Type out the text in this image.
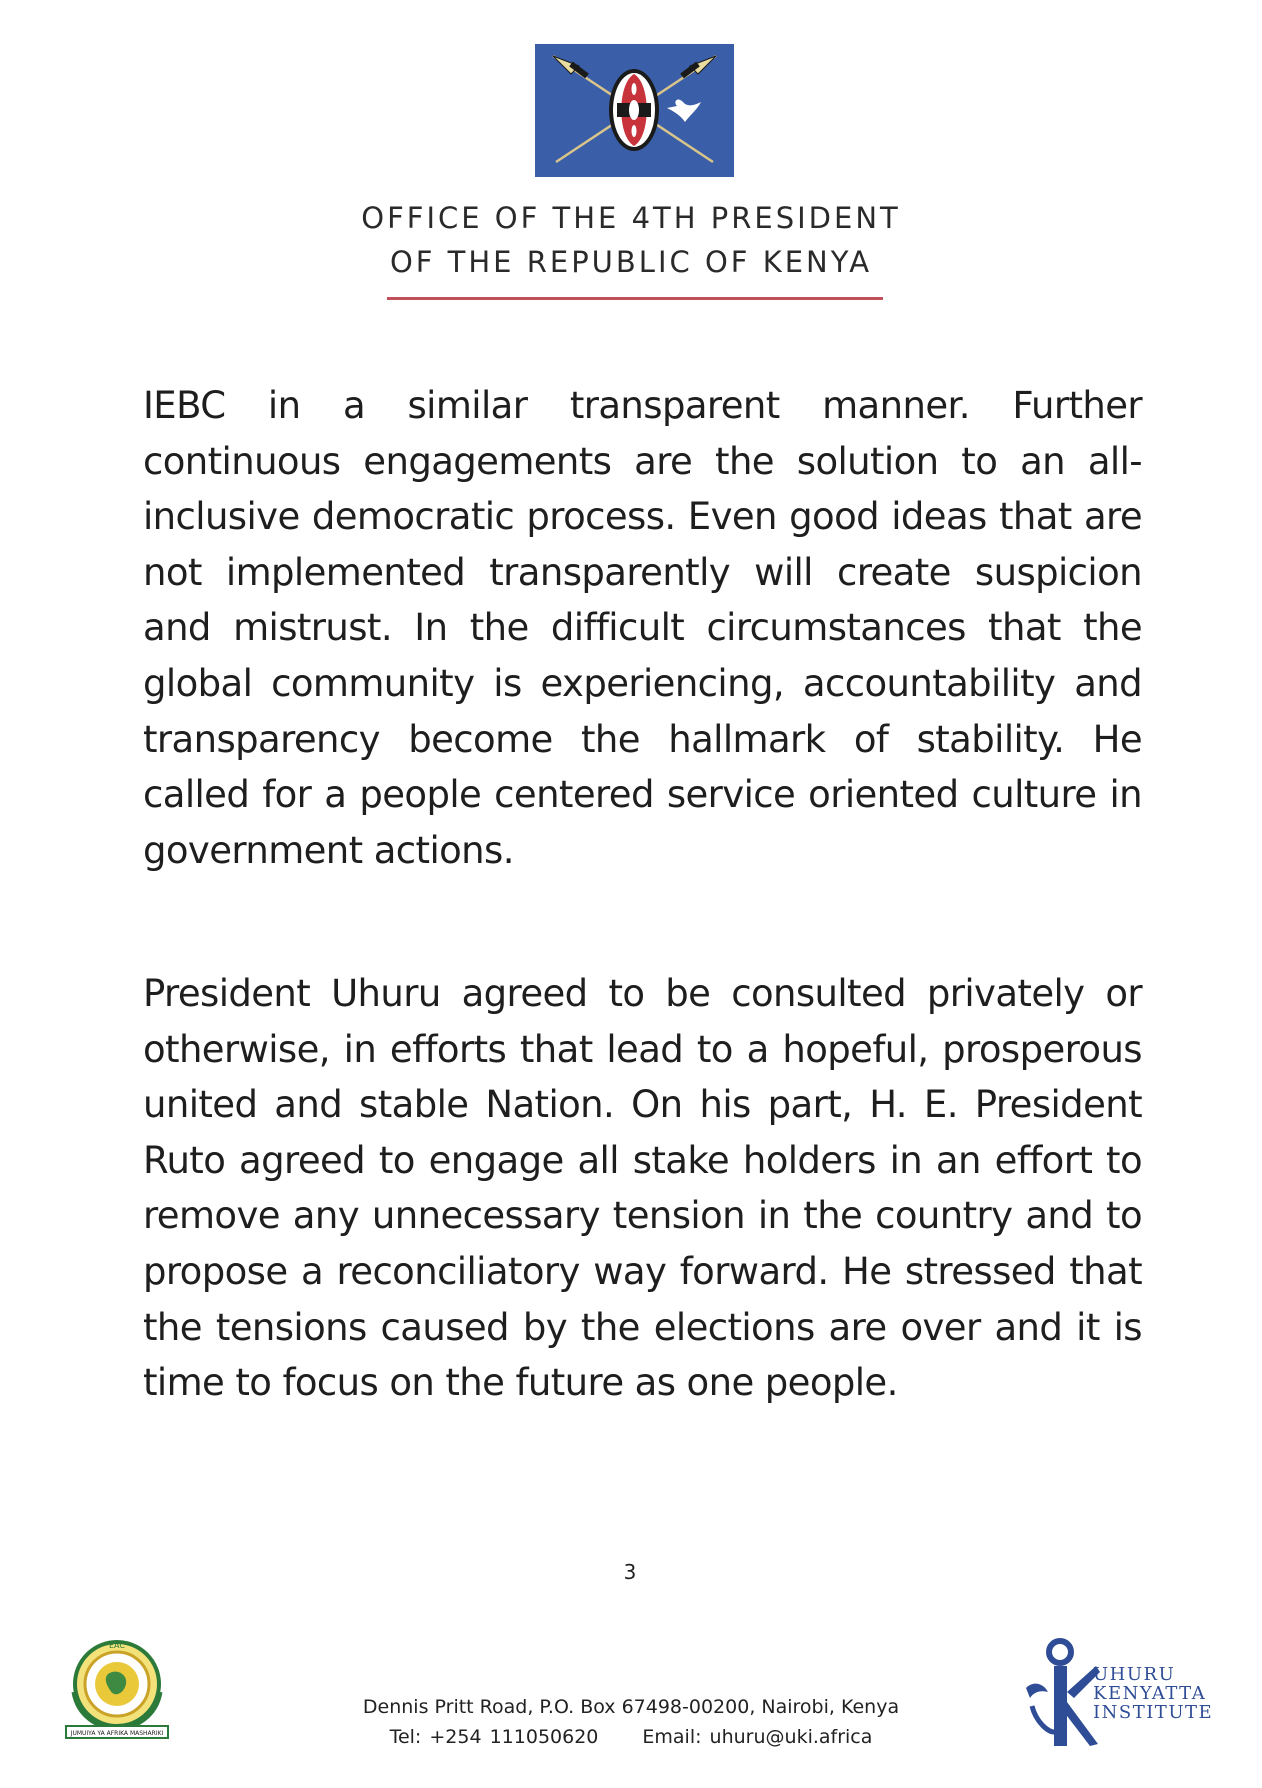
OFFICE OF THE 4TH PRESIDENT
OF THE REPUBLIC OF KENYA

IEBC in a similar transparent manner. Further continuous engagements are the solution to an all-inclusive democratic process. Even good ideas that are not implemented transparently will create suspicion and mistrust. In the difficult circumstances that the global community is experiencing, accountability and transparency become the hallmark of stability. He called for a people centered service oriented culture in government actions.

President Uhuru agreed to be consulted privately or otherwise, in efforts that lead to a hopeful, prosperous united and stable Nation. On his part, H. E. President Ruto agreed to engage all stake holders in an effort to remove any unnecessary tension in the country and to propose a reconciliatory way forward. He stressed that the tensions caused by the elections are over and it is time to focus on the future as one people.

3
JUMUIYA YA AFRIKA MASHARIKI
EAC
Dennis Pritt Road, P.O. Box 67498-00200, Nairobi, Kenya
Tel: +254 111050620 Email: uhuru@uki.africa
UHURU
KENYATTA
INSTITUTE
